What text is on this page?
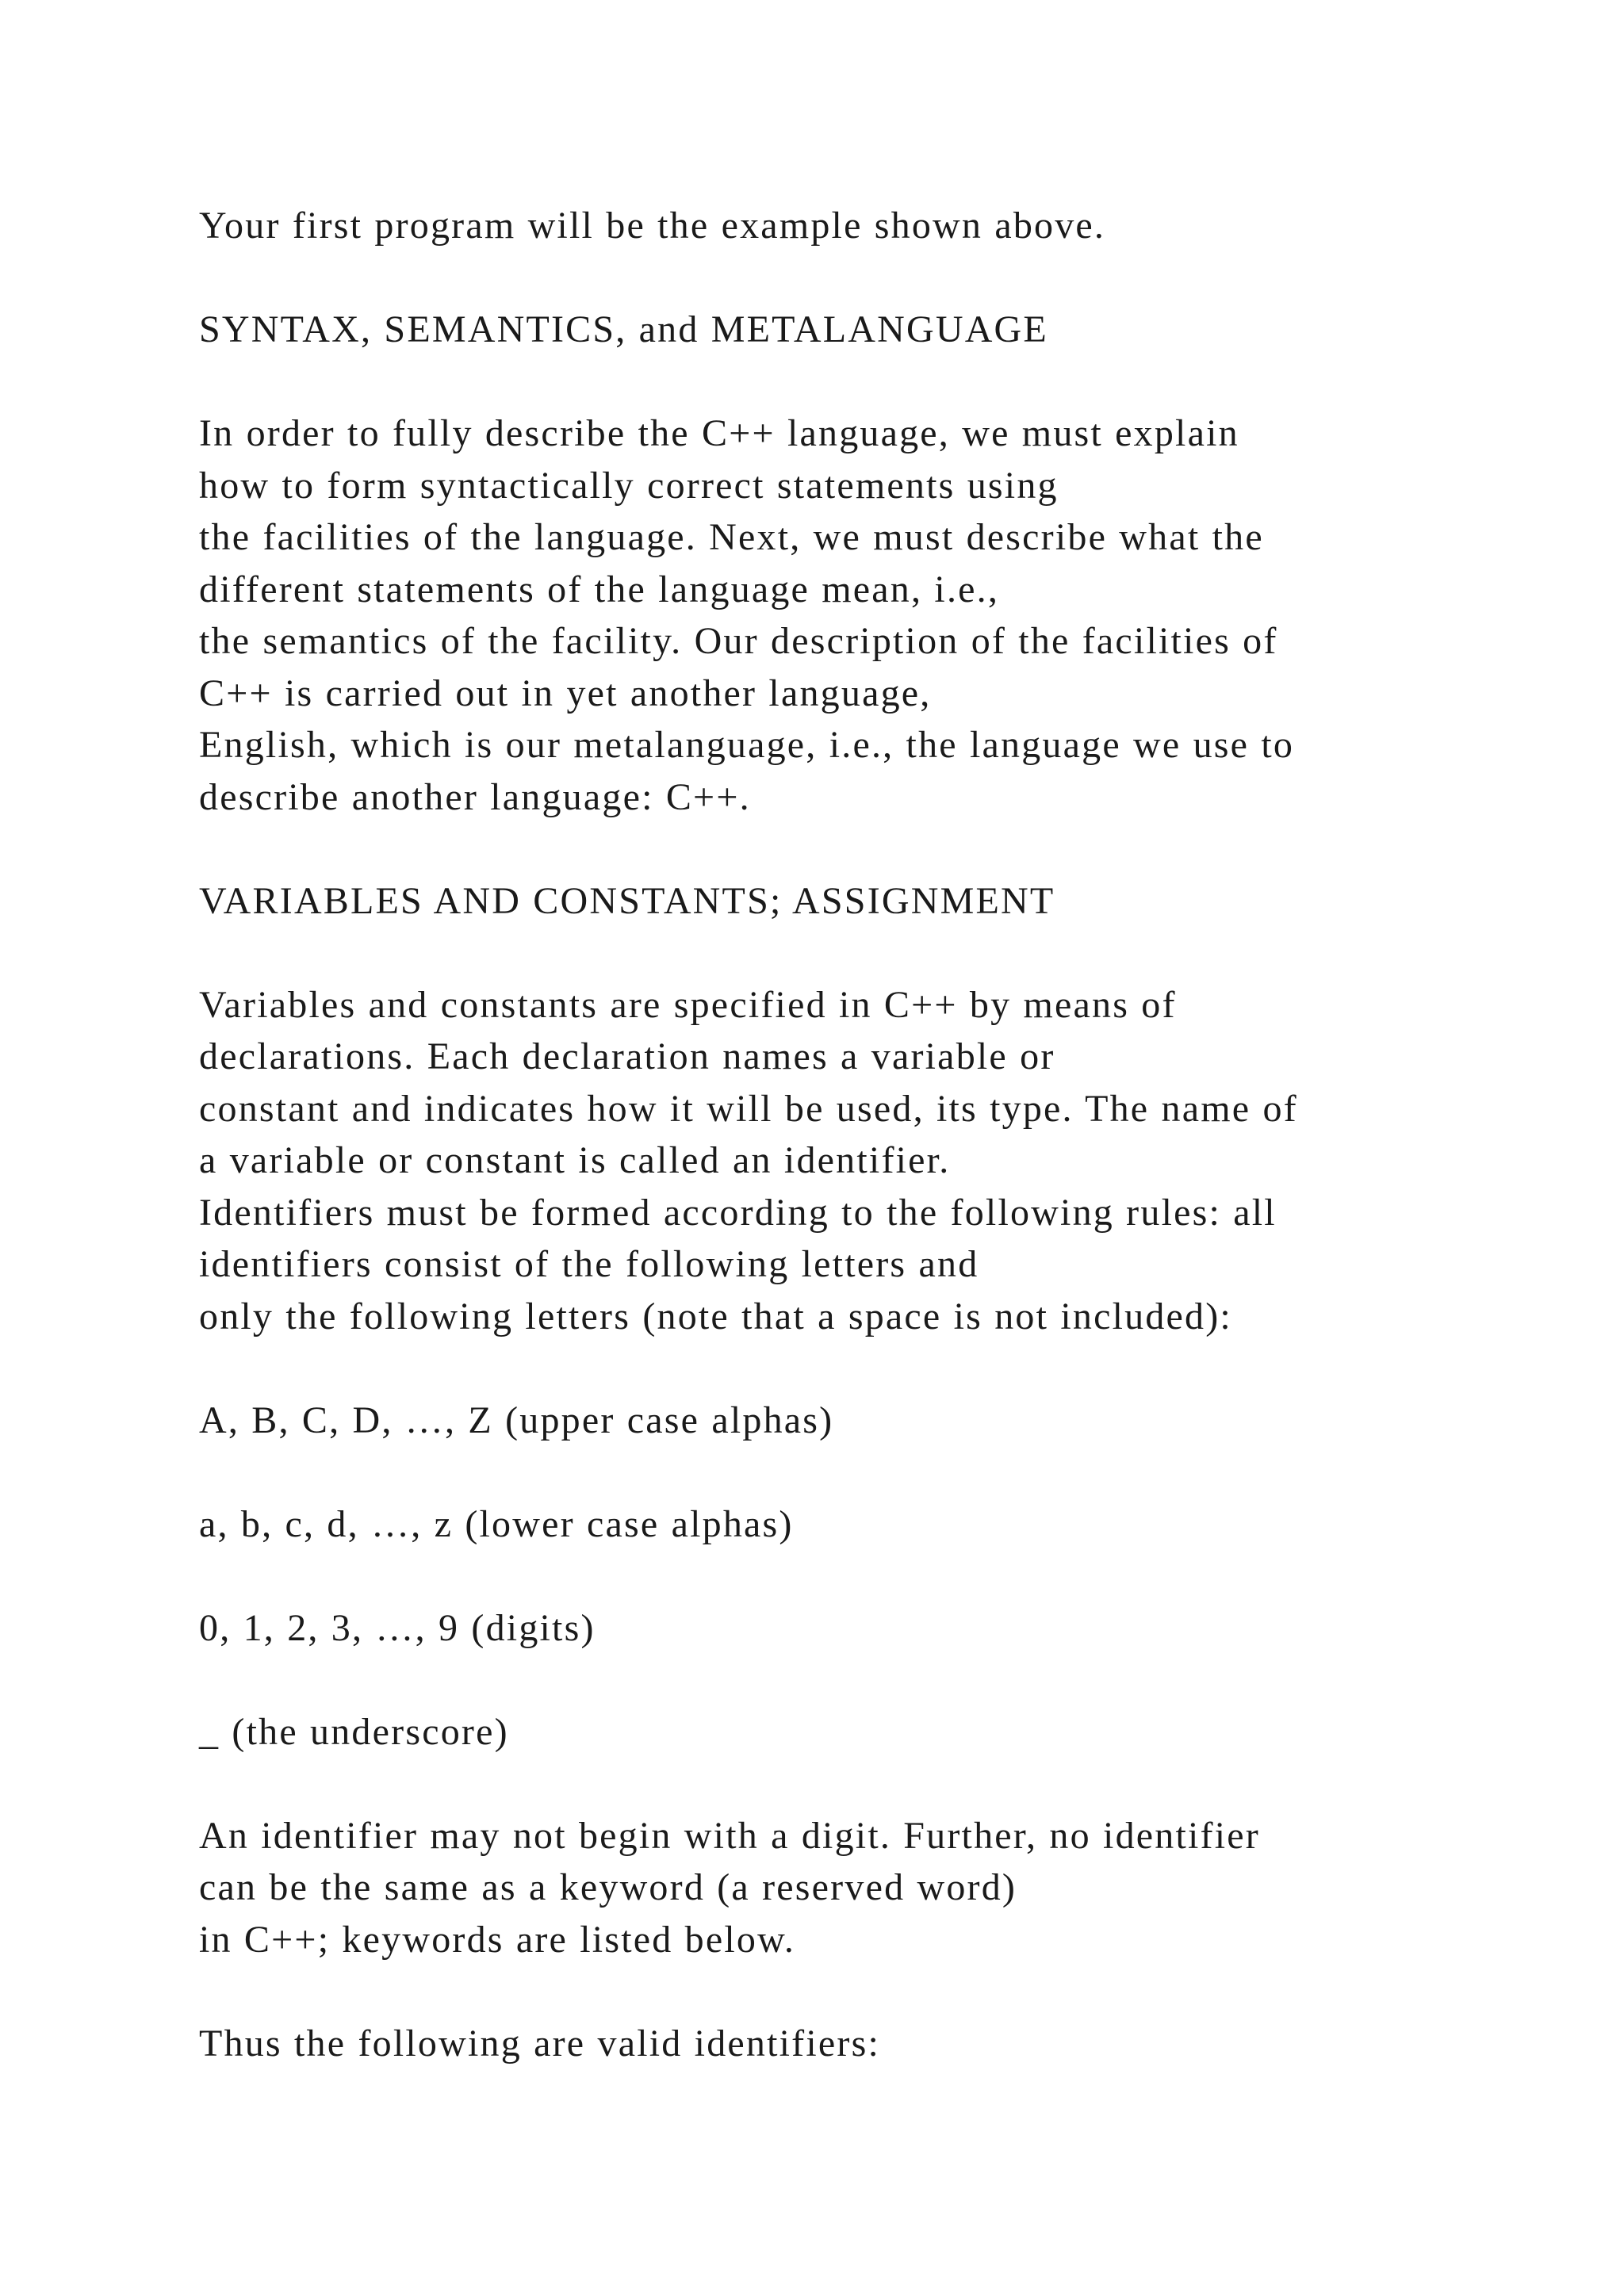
Your first program will be the example shown above.
SYNTAX, SEMANTICS, and METALANGUAGE
In order to fully describe the C++ language, we must explain
how to form syntactically correct statements using
the facilities of the language. Next, we must describe what the
different statements of the language mean, i.e.,
the semantics of the facility. Our description of the facilities of
C++ is carried out in yet another language,
English, which is our metalanguage, i.e., the language we use to
describe another language: C++.
VARIABLES AND CONSTANTS; ASSIGNMENT
Variables and constants are specified in C++ by means of
declarations. Each declaration names a variable or
constant and indicates how it will be used, its type. The name of
a variable or constant is called an identifier.
Identifiers must be formed according to the following rules: all
identifiers consist of the following letters and
only the following letters (note that a space is not included):
A, B, C, D, …, Z (upper case alphas)
a, b, c, d, …, z (lower case alphas)
0, 1, 2, 3, …, 9 (digits)
_ (the underscore)
An identifier may not begin with a digit. Further, no identifier
can be the same as a keyword (a reserved word)
in C++; keywords are listed below.
Thus the following are valid identifiers:
